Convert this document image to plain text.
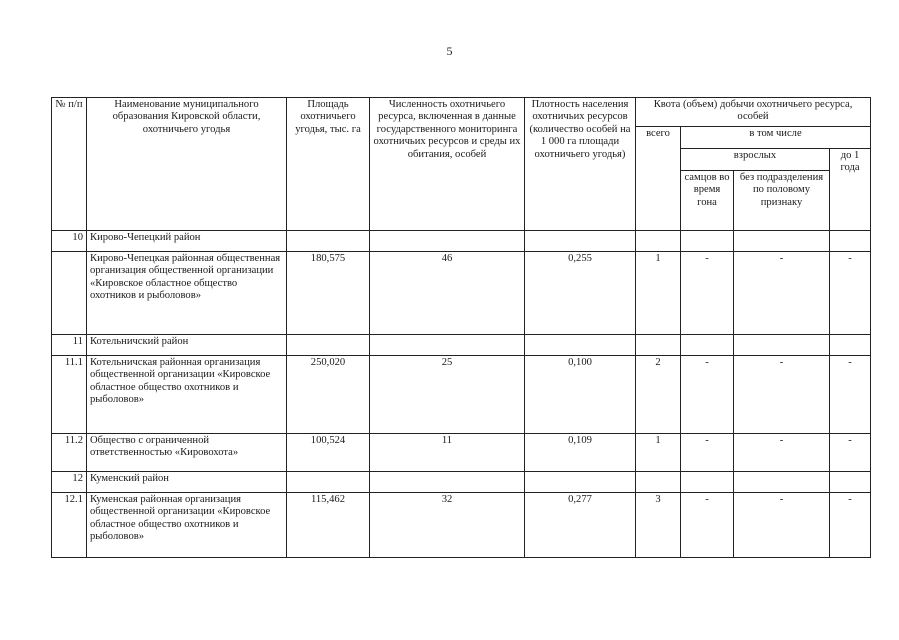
5
№ п/п	Наименование муниципального образования Кировской области, охотничьего угодья	Площадь охотничьего угодья, тыс. га	Численность охотничьего ресурса, включенная в данные государственного мониторинга охотничьих ресурсов и среды их обитания, особей	Плотность населения охотничьих ресурсов (количество особей на 1 000 га площади охотничьего угодья)	Квота (объем) добычи охотничьего ресурса, особей			
					всего	в том числе		
						взрослых		до 1 года
						самцов во время гона	без подразделения по половому признаку	
10	Кирово-Чепецкий район							
	Кирово-Чепецкая районная общественная организация общественной организации «Кировское областное общество охотников и рыболовов»	180,575	46	0,255	1	-	-	-
11	Котельничский район							
11.1	Котельничская районная организация общественной организации «Кировское областное общество охотников и рыболовов»	250,020	25	0,100	2	-	-	-
11.2	Общество с ограниченной ответственностью «Кировохота»	100,524	11	0,109	1	-	-	-
12	Куменский район							
12.1	Куменская районная организация общественной организации «Кировское областное общество охотников и рыболовов»	115,462	32	0,277	3	-	-	-
